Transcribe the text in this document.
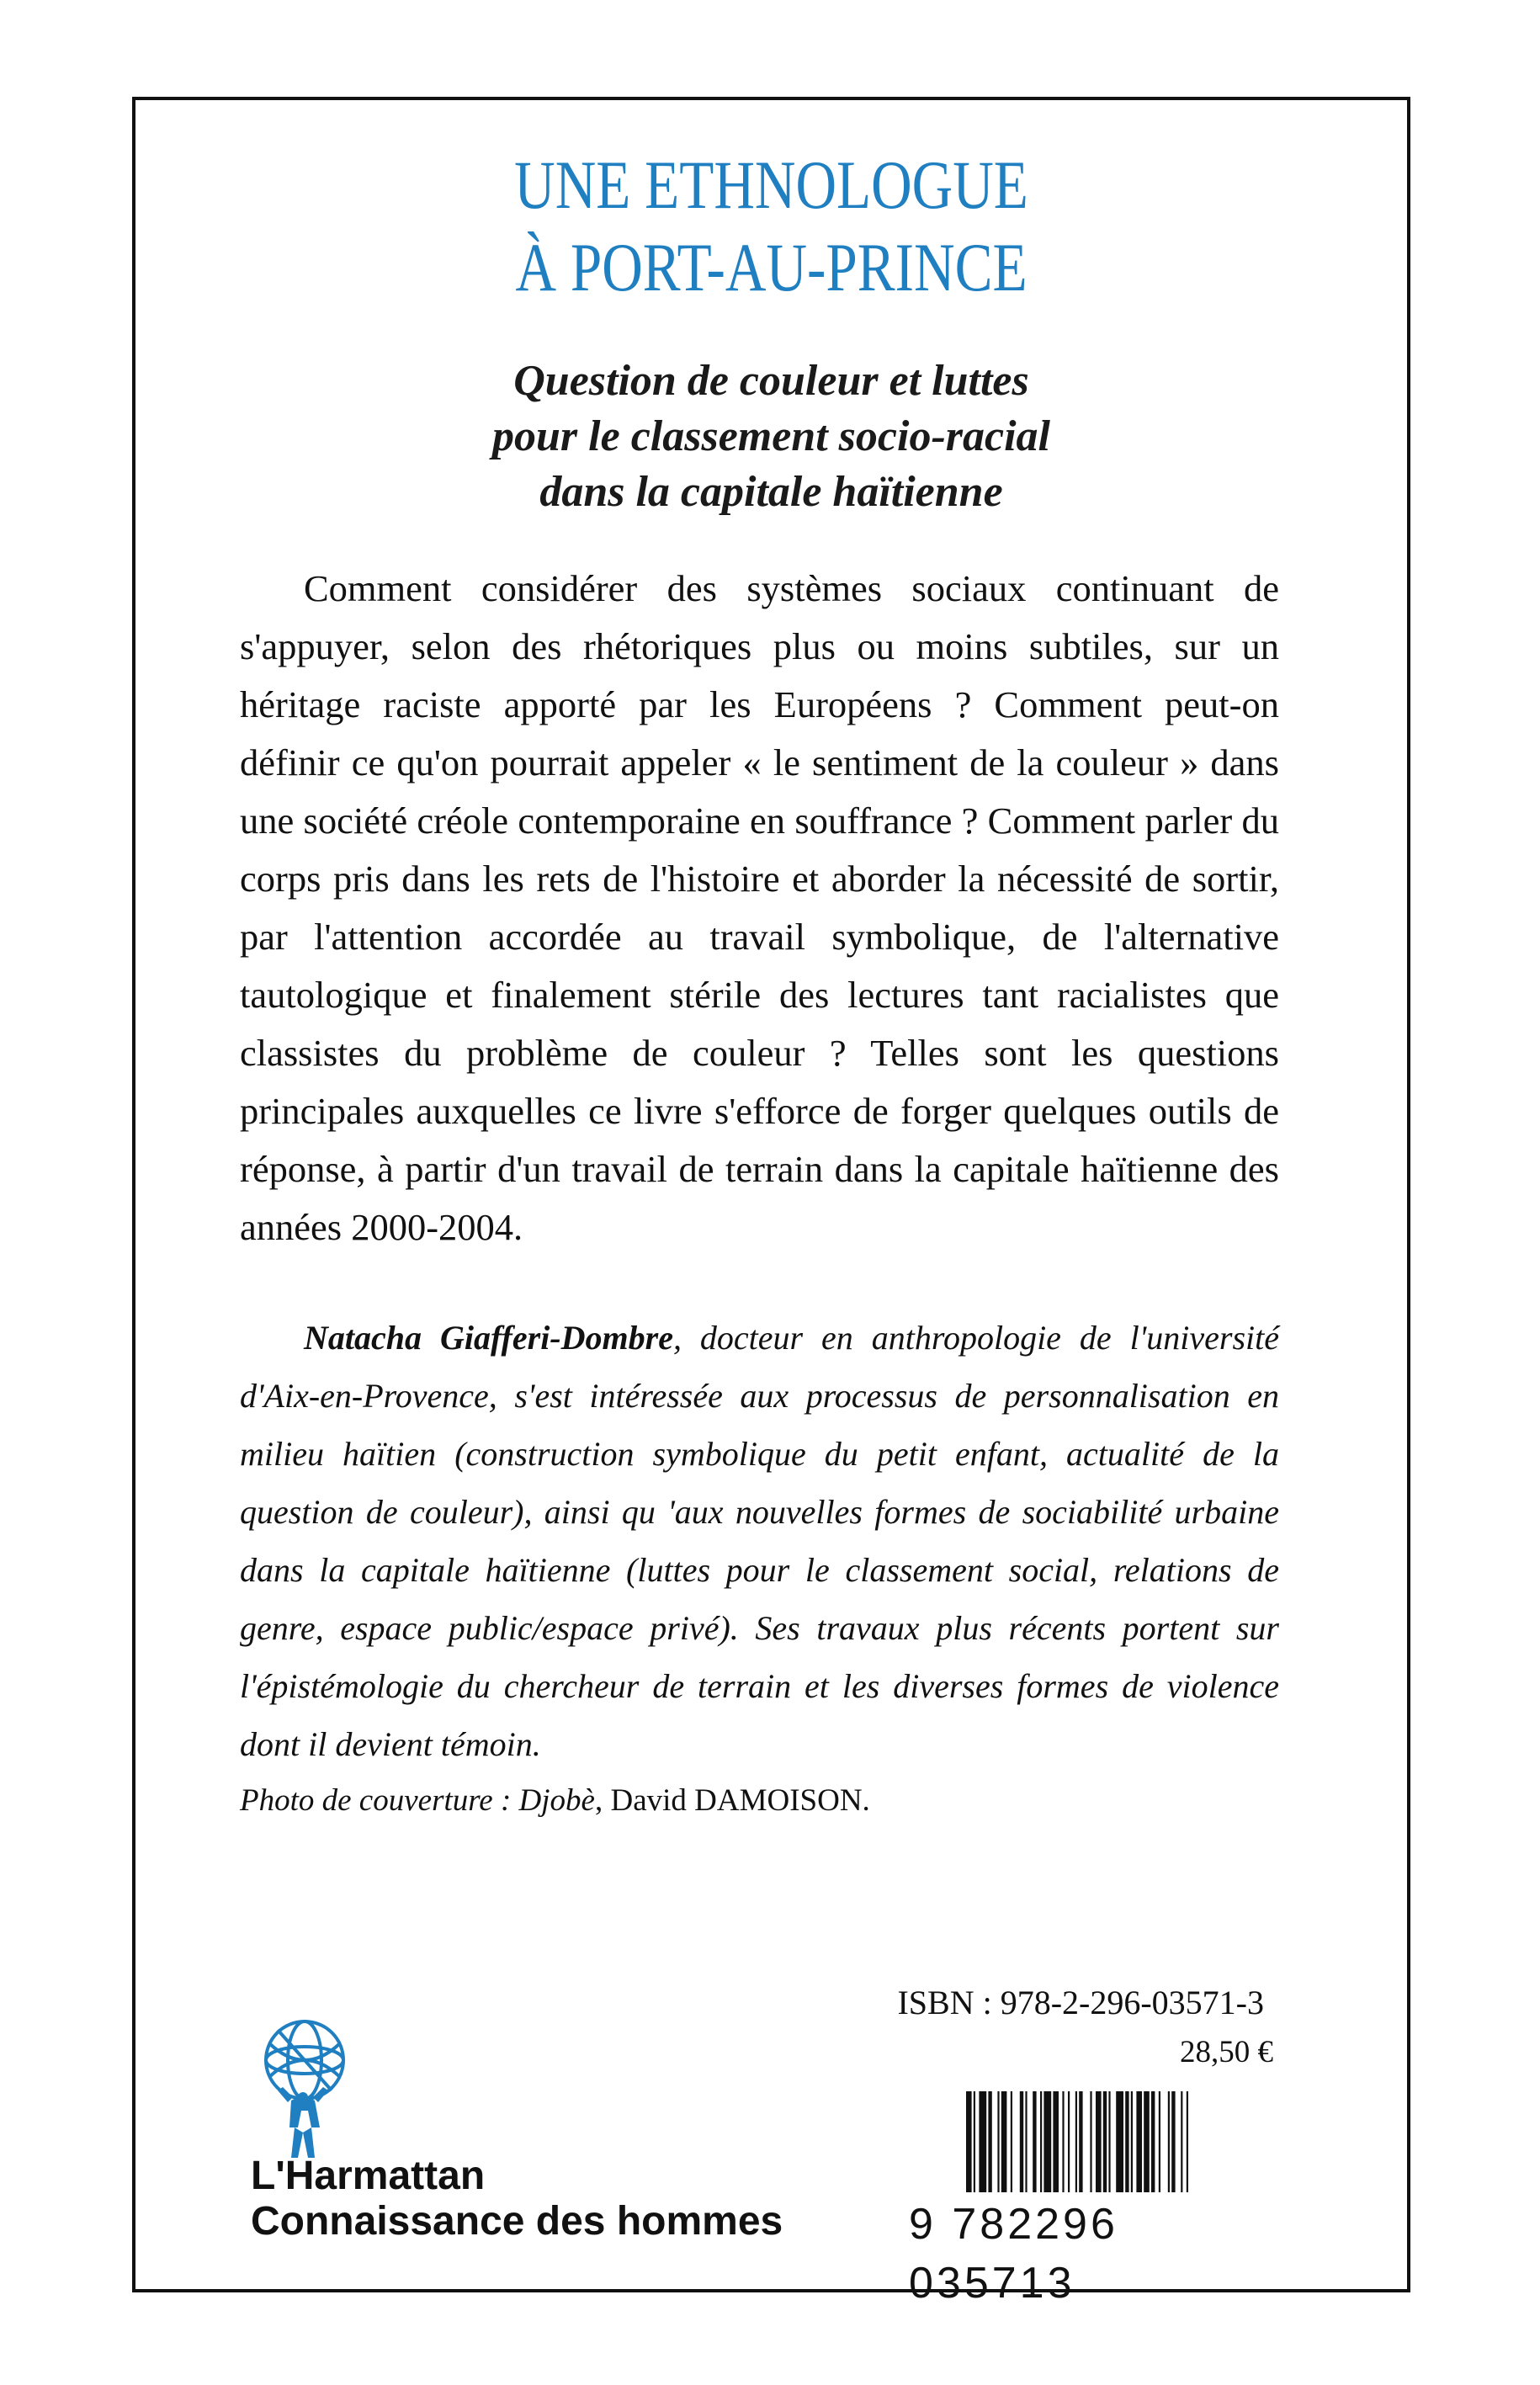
UNE ETHNOLOGUE
À PORT-AU-PRINCE
Question de couleur et luttes
pour le classement socio-racial
dans la capitale haïtienne

Comment considérer des systèmes sociaux continuant de s'appuyer, selon des rhétoriques plus ou moins subtiles, sur un héritage raciste apporté par les Européens ? Comment peut-on définir ce qu'on pourrait appeler « le sentiment de la couleur » dans une société créole contemporaine en souffrance ? Comment parler du corps pris dans les rets de l'histoire et aborder la nécessité de sortir, par l'attention accordée au travail symbolique, de l'alternative tautologique et finalement stérile des lectures tant racialistes que classistes du problème de couleur ? Telles sont les questions principales auxquelles ce livre s'efforce de forger quelques outils de réponse, à partir d'un travail de terrain dans la capitale haïtienne des années 2000-2004.

Natacha Giafferi-Dombre, docteur en anthropologie de l'université d'Aix-en-Provence, s'est intéressée aux processus de personnalisation en milieu haïtien (construction symbolique du petit enfant, actualité de la question de couleur), ainsi qu 'aux nouvelles formes de sociabilité urbaine dans la capitale haïtienne (luttes pour le classement social, relations de genre, espace public/espace privé). Ses travaux plus récents portent sur l'épistémologie du chercheur de terrain et les diverses formes de violence dont il devient témoin.

Photo de couverture : Djobè, David DAMOISON.
ISBN : 978-2-296-03571-3
28,50 €
9 782296 035713
L'Harmattan
Connaissance des hommes
